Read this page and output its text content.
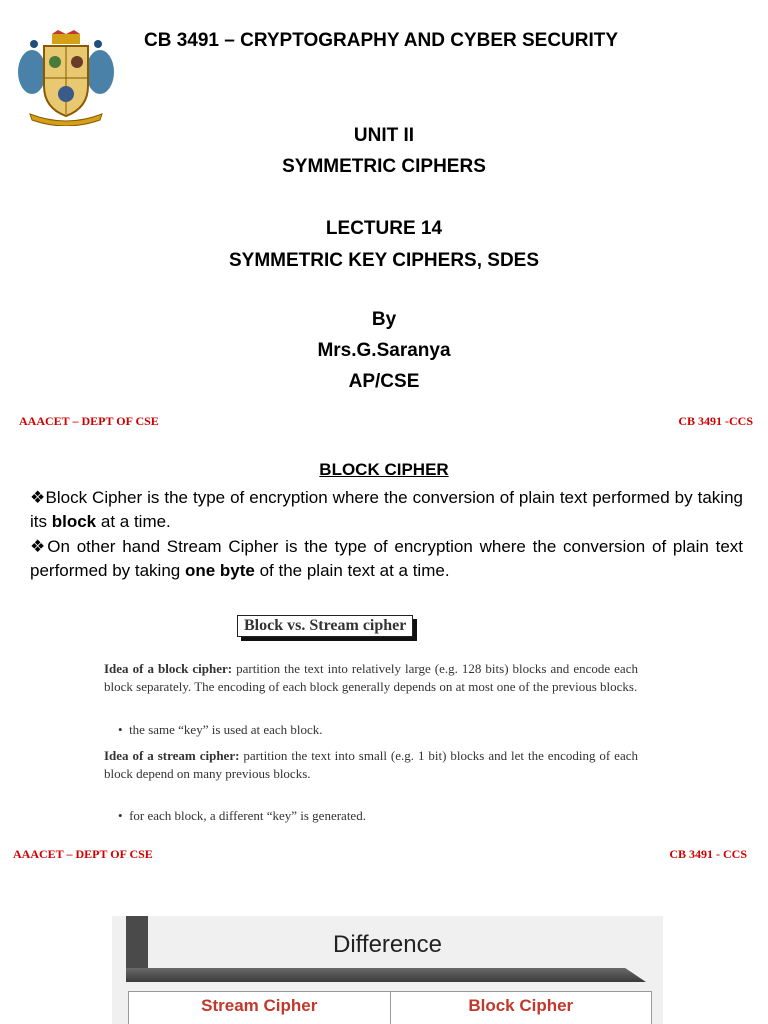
CB 3491 – CRYPTOGRAPHY AND CYBER SECURITY
UNIT II
SYMMETRIC CIPHERS
LECTURE 14
SYMMETRIC KEY CIPHERS, SDES
By
Mrs.G.Saranya
AP/CSE
AAACET – DEPT OF CSE	CB 3491 -CCS
BLOCK CIPHER
❖Block Cipher is the type of encryption where the conversion of plain text performed by taking its block at a time.
❖On other hand Stream Cipher is the type of encryption where the conversion of plain text performed by taking one byte of the plain text at a time.
Block vs. Stream cipher
Idea of a block cipher: partition the text into relatively large (e.g. 128 bits) blocks and encode each block separately. The encoding of each block generally depends on at most one of the previous blocks.
• the same “key” is used at each block.
Idea of a stream cipher: partition the text into small (e.g. 1 bit) blocks and let the encoding of each block depend on many previous blocks.
• for each block, a different “key” is generated.
AAACET – DEPT OF CSE	CB 3491 - CCS
Difference
Stream Cipher	Block Cipher
